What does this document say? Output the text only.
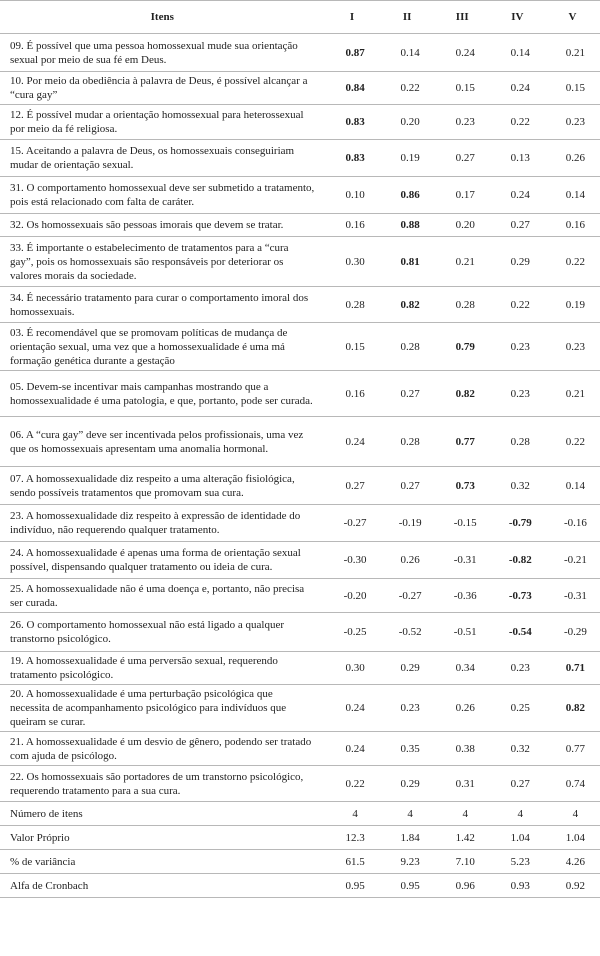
Itens	I	II	III	IV	V
09. É possível que uma pessoa homossexual mude sua orientação sexual por meio de sua fé em Deus.	0.87	0.14	0.24	0.14	0.21
10. Por meio da obediência à palavra de Deus, é possível alcançar a “cura gay”	0.84	0.22	0.15	0.24	0.15
12. É possível mudar a orientação homossexual para heterossexual por meio da fé religiosa.	0.83	0.20	0.23	0.22	0.23
15. Aceitando a palavra de Deus, os homossexuais conseguiriam mudar de orientação sexual.	0.83	0.19	0.27	0.13	0.26
31. O comportamento homossexual deve ser submetido a tratamento, pois está relacionado com falta de caráter.	0.10	0.86	0.17	0.24	0.14
32. Os homossexuais são pessoas imorais que devem se tratar.	0.16	0.88	0.20	0.27	0.16
33. É importante o estabelecimento de tratamentos para a “cura gay”, pois os homossexuais são responsáveis por deteriorar os valores morais da sociedade.	0.30	0.81	0.21	0.29	0.22
34. É necessário tratamento para curar o comportamento imoral dos homossexuais.	0.28	0.82	0.28	0.22	0.19
03. É recomendável que se promovam políticas de mudança de orientação sexual, uma vez que a homossexualidade é uma má formação genética durante a gestação	0.15	0.28	0.79	0.23	0.23
05. Devem-se incentivar mais campanhas mostrando que a homossexualidade é uma patologia, e que, portanto, pode ser curada.	0.16	0.27	0.82	0.23	0.21
06. A “cura gay” deve ser incentivada pelos profissionais, uma vez que os homossexuais apresentam uma anomalia hormonal.	0.24	0.28	0.77	0.28	0.22
07. A homossexualidade diz respeito a uma alteração fisiológica, sendo possíveis tratamentos que promovam sua cura.	0.27	0.27	0.73	0.32	0.14
23. A homossexualidade diz respeito à expressão de identidade do indivíduo, não requerendo qualquer tratamento.	-0.27	-0.19	-0.15	-0.79	-0.16
24. A homossexualidade é apenas uma forma de orientação sexual possível, dispensando qualquer tratamento ou ideia de cura.	-0.30	0.26	-0.31	-0.82	-0.21
25. A homossexualidade não é uma doença e, portanto, não precisa ser curada.	-0.20	-0.27	-0.36	-0.73	-0.31
26. O comportamento homossexual não está ligado a qualquer transtorno psicológico.	-0.25	-0.52	-0.51	-0.54	-0.29
19. A homossexualidade é uma perversão sexual, requerendo tratamento psicológico.	0.30	0.29	0.34	0.23	0.71
20. A homossexualidade é uma perturbação psicológica que necessita de acompanhamento psicológico para indivíduos que queiram se curar.	0.24	0.23	0.26	0.25	0.82
21. A homossexualidade é um desvio de gênero, podendo ser tratado com ajuda de psicólogo.	0.24	0.35	0.38	0.32	0.77
22. Os homossexuais são portadores de um transtorno psicológico, requerendo tratamento para a sua cura.	0.22	0.29	0.31	0.27	0.74
Número de itens	4	4	4	4	4
Valor Próprio	12.3	1.84	1.42	1.04	1.04
% de variância	61.5	9.23	7.10	5.23	4.26
Alfa de Cronbach	0.95	0.95	0.96	0.93	0.92
